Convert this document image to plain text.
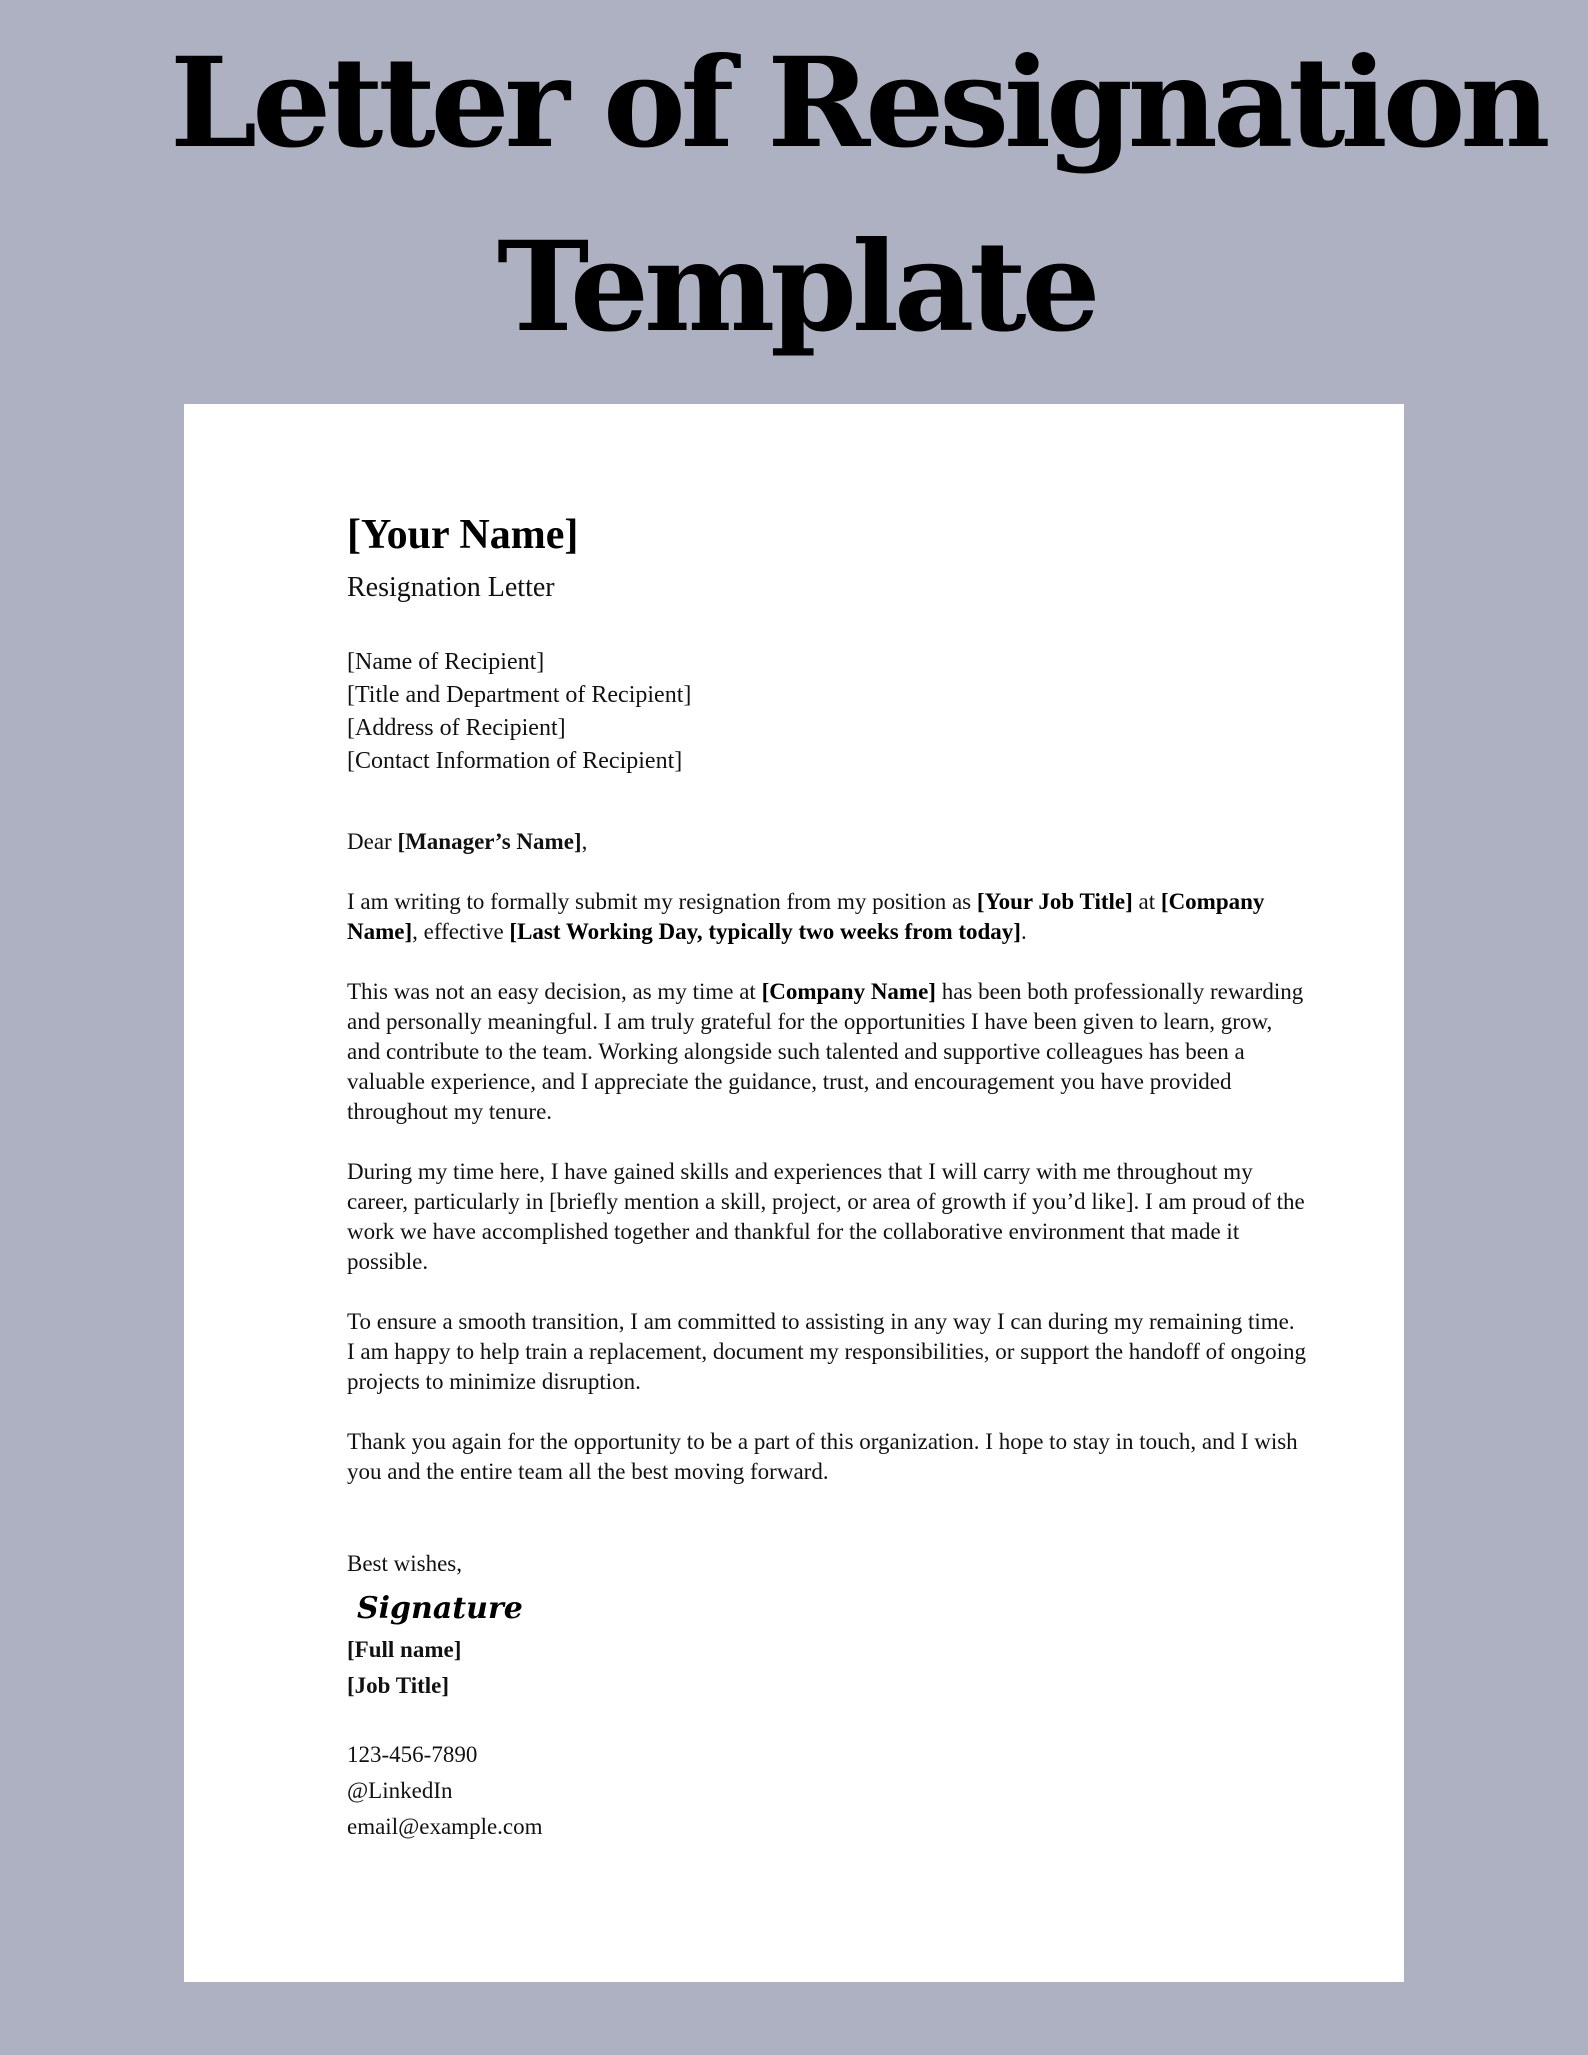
Letter of Resignation
Template

[Your Name]

Resignation Letter

[Name of Recipient]
[Title and Department of Recipient]
[Address of Recipient]
[Contact Information of Recipient]

Dear [Manager’s Name],

I am writing to formally submit my resignation from my position as [Your Job Title] at [Company Name], effective [Last Working Day, typically two weeks from today].

This was not an easy decision, as my time at [Company Name] has been both professionally rewarding and personally meaningful. I am truly grateful for the opportunities I have been given to learn, grow, and contribute to the team. Working alongside such talented and supportive colleagues has been a valuable experience, and I appreciate the guidance, trust, and encouragement you have provided throughout my tenure.

During my time here, I have gained skills and experiences that I will carry with me throughout my career, particularly in [briefly mention a skill, project, or area of growth if you’d like]. I am proud of the work we have accomplished together and thankful for the collaborative environment that made it possible.

To ensure a smooth transition, I am committed to assisting in any way I can during my remaining time. I am happy to help train a replacement, document my responsibilities, or support the handoff of ongoing projects to minimize disruption.

Thank you again for the opportunity to be a part of this organization. I hope to stay in touch, and I wish you and the entire team all the best moving forward.

Best wishes,

Signature
[Full name]
[Job Title]
123-456-7890
@LinkedIn
email@example.com
